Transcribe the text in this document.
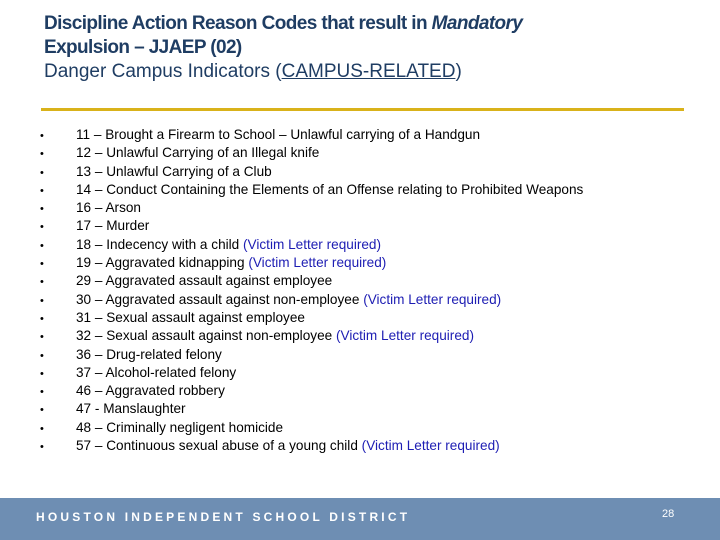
Discipline Action Reason Codes that result in Mandatory
Expulsion – JJAEP (02)
Danger Campus Indicators (CAMPUS-RELATED)
• 11 – Brought a Firearm to School – Unlawful carrying of a Handgun
• 12 – Unlawful Carrying of an Illegal knife
• 13 – Unlawful Carrying of a Club
• 14 – Conduct Containing the Elements of an Offense relating to Prohibited Weapons
• 16 – Arson
• 17 – Murder
• 18 – Indecency with a child (Victim Letter required)
• 19 – Aggravated kidnapping (Victim Letter required)
• 29 – Aggravated assault against employee
• 30 – Aggravated assault against non-employee (Victim Letter required)
• 31 – Sexual assault against employee
• 32 – Sexual assault against non-employee (Victim Letter required)
• 36 – Drug-related felony
• 37 – Alcohol-related felony
• 46 – Aggravated robbery
• 47 - Manslaughter
• 48 – Criminally negligent homicide
• 57 – Continuous sexual abuse of a young child (Victim Letter required)
HOUSTON INDEPENDENT SCHOOL DISTRICT	28
